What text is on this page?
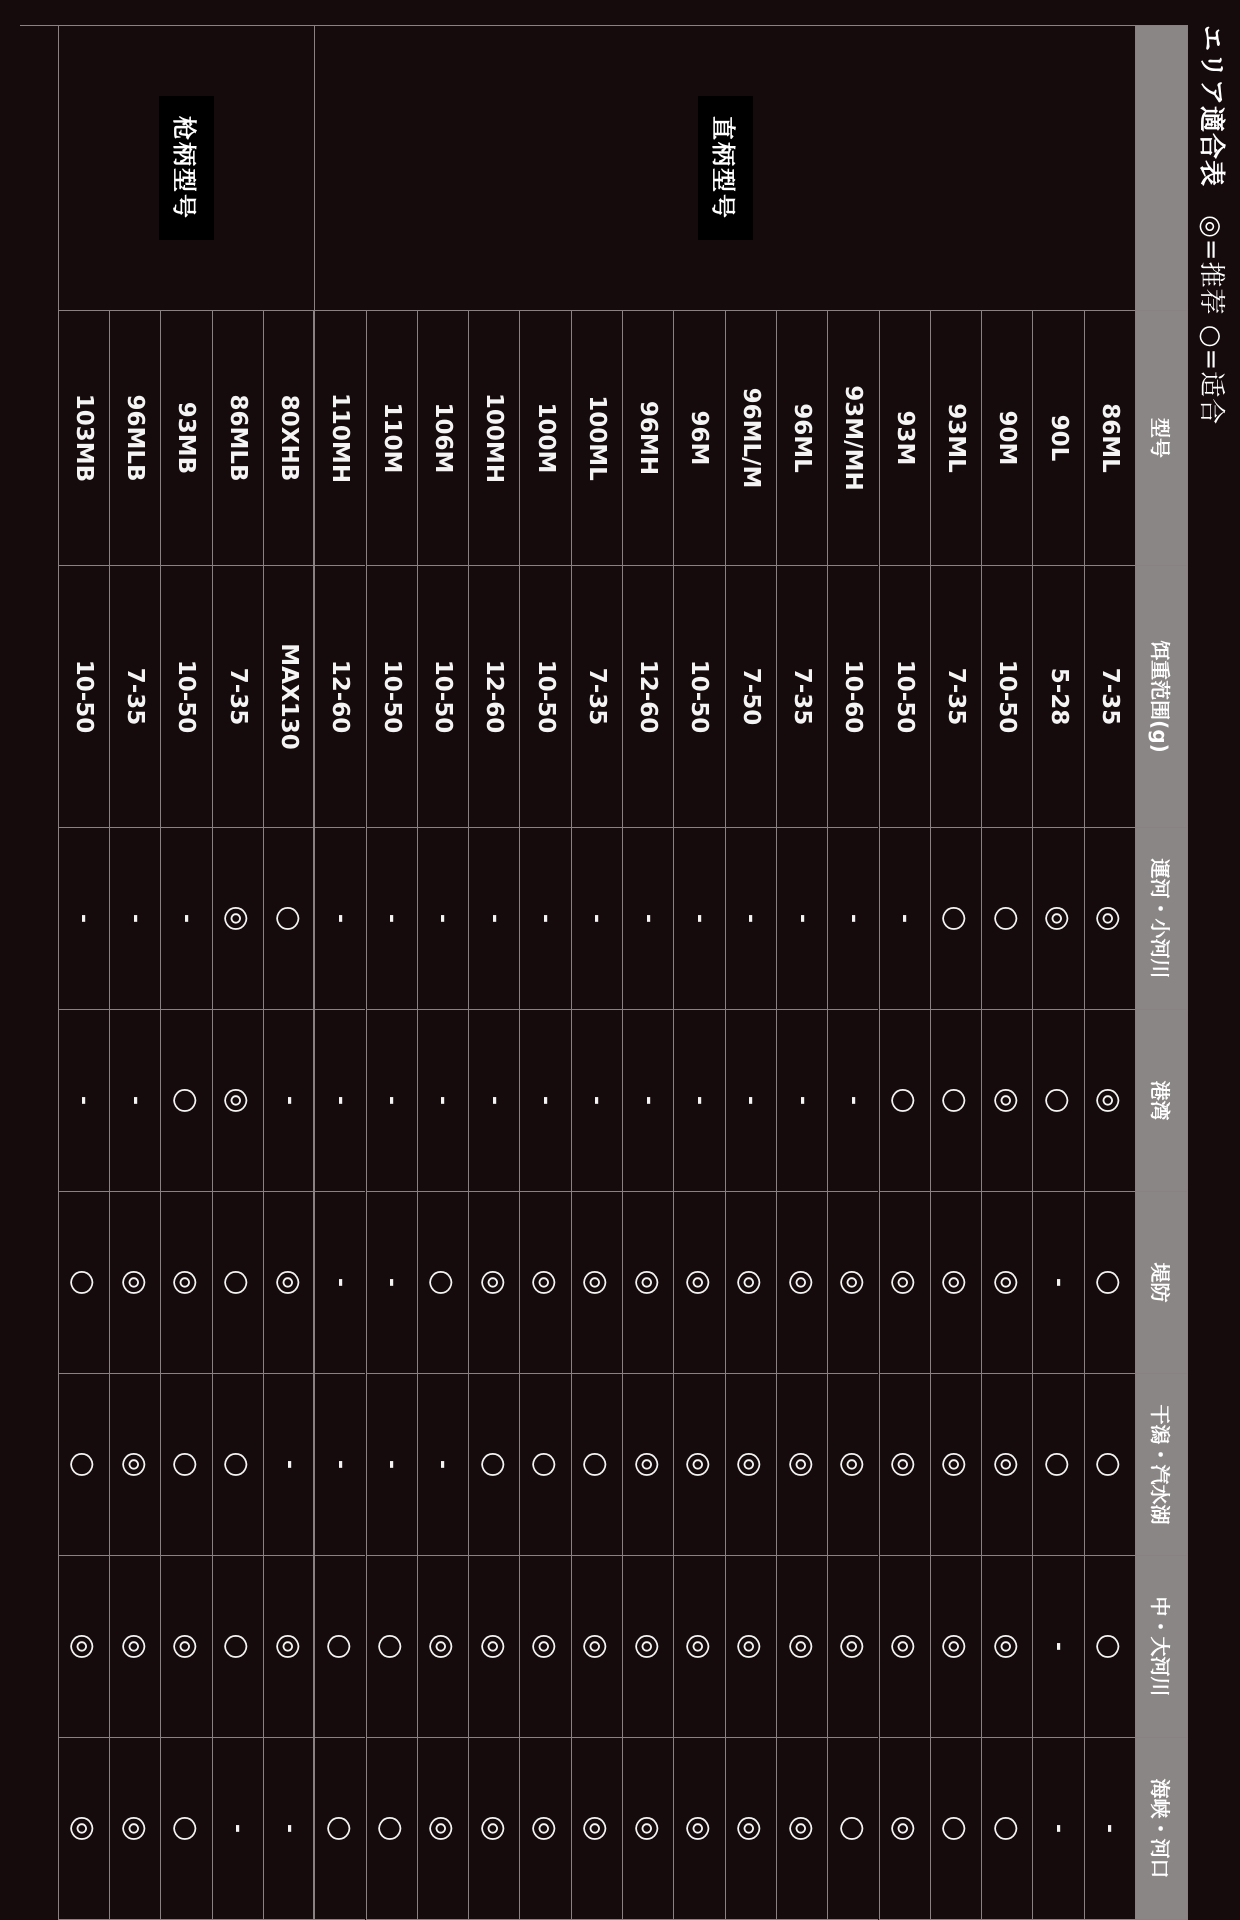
エリア適合表 ◎=推荐 ○=适合
型号
饵重范围(g)
運河・小河川
港湾
堤防
干潟・汽水湖
中・大河川
海峡・河口
直柄型号
86ML
7-35
◎
◎
○
○
○
-
90L
5-28
◎
○
-
○
-
-
90M
10-50
○
◎
◎
◎
◎
○
93ML
7-35
○
○
◎
◎
◎
○
93M
10-50
-
○
◎
◎
◎
◎
93M/MH
10-60
-
-
◎
◎
◎
○
96ML
7-35
-
-
◎
◎
◎
◎
96ML/M
7-50
-
-
◎
◎
◎
◎
96M
10-50
-
-
◎
◎
◎
◎
96MH
12-60
-
-
◎
◎
◎
◎
100ML
7-35
-
-
◎
○
◎
◎
100M
10-50
-
-
◎
○
◎
◎
100MH
12-60
-
-
◎
○
◎
◎
106M
10-50
-
-
○
-
◎
◎
110M
10-50
-
-
-
-
○
○
110MH
12-60
-
-
-
-
○
○
枪柄型号
80XHB
MAX130
○
-
◎
-
◎
-
86MLB
7-35
◎
◎
○
○
○
-
93MB
10-50
-
○
◎
○
◎
○
96MLB
7-35
-
-
◎
◎
◎
◎
103MB
10-50
-
-
○
○
◎
◎
